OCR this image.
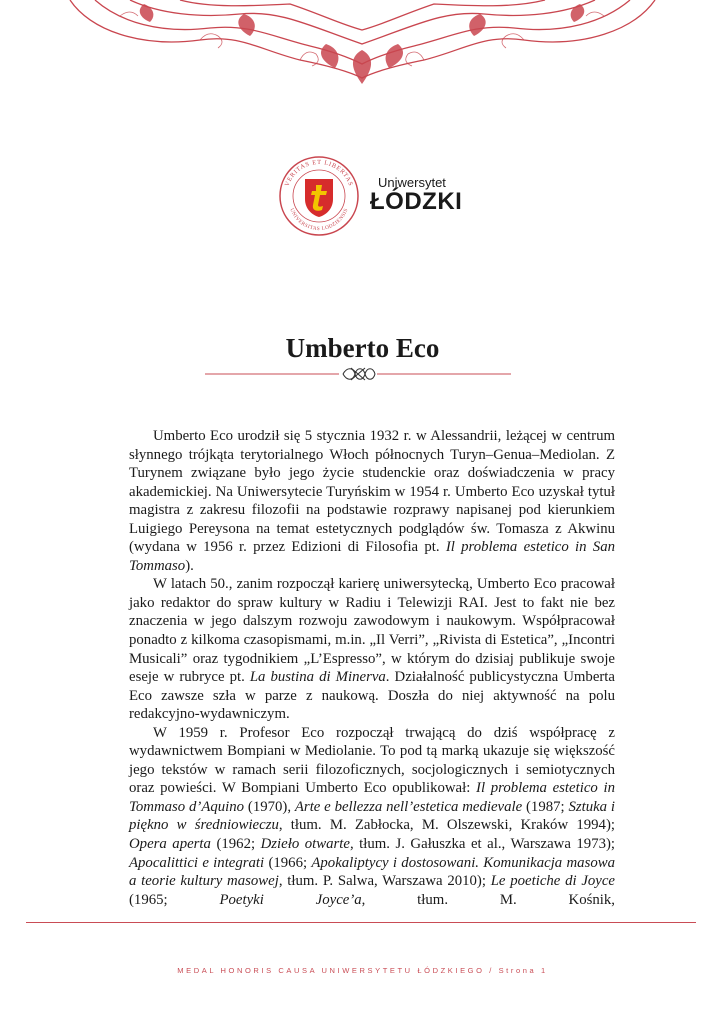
VERITAS ET LIBERTAS
UNIVERSITAS LODZIENSIS
Uniwersytet
ŁÓDZKI
Umberto Eco

Umberto Eco urodził się 5 stycznia 1932 r. w Alessandrii, leżącej w centrum słynnego trójkąta terytorialnego Włoch północnych Turyn–Genua–Mediolan. Z Turynem związane było jego życie studenckie oraz doświadczenia w pracy akademickiej. Na Uniwersytecie Turyńskim w 1954 r. Umberto Eco uzyskał tytuł magistra z zakresu filozofii na podstawie rozprawy napisanej pod kierunkiem Luigiego Pereysona na temat estetycznych podglądów św. Tomasza z Akwinu (wydana w 1956 r. przez Edizioni di Filosofia pt. Il problema estetico in San Tommaso).

W latach 50., zanim rozpoczął karierę uniwersytecką, Umberto Eco pracował jako redaktor do spraw kultury w Radiu i Telewizji RAI. Jest to fakt nie bez znaczenia w jego dalszym rozwoju zawodowym i naukowym. Współpracował ponadto z kilkoma czasopismami, m.in. „Il Verri”, „Rivista di Estetica”, „Incontri Musicali” oraz tygodnikiem „L’Espresso”, w którym do dzisiaj publikuje swoje eseje w rubryce pt. La bustina di Minerva. Działalność publicystyczna Umberta Eco zawsze szła w parze z naukową. Doszła do niej aktywność na polu redakcyjno-wydawniczym.

W 1959 r. Profesor Eco rozpoczął trwającą do dziś współpracę z wydawnictwem Bompiani w Mediolanie. To pod tą marką ukazuje się większość jego tekstów w ramach serii filozoficznych, socjologicznych i semiotycznych oraz powieści. W Bompiani Umberto Eco opublikował: Il problema estetico in Tommaso d’Aquino (1970), Arte e bellezza nell’estetica medievale (1987; Sztuka i piękno w średniowieczu, tłum. M. Zabłocka, M. Olszewski, Kraków 1994); Opera aperta (1962; Dzieło otwarte, tłum. J. Gałuszka et al., Warszawa 1973); Apocalittici e integrati (1966; Apokaliptycy i dostosowani. Komunikacja masowa a teorie kultury masowej, tłum. P. Salwa, Warszawa 2010); Le poetiche di Joyce (1965; Poetyki Joyce’a, tłum. M. Kośnik,

MEDAL HONORIS CAUSA UNIWERSYTETU ŁÓDZKIEGO / Strona 1
